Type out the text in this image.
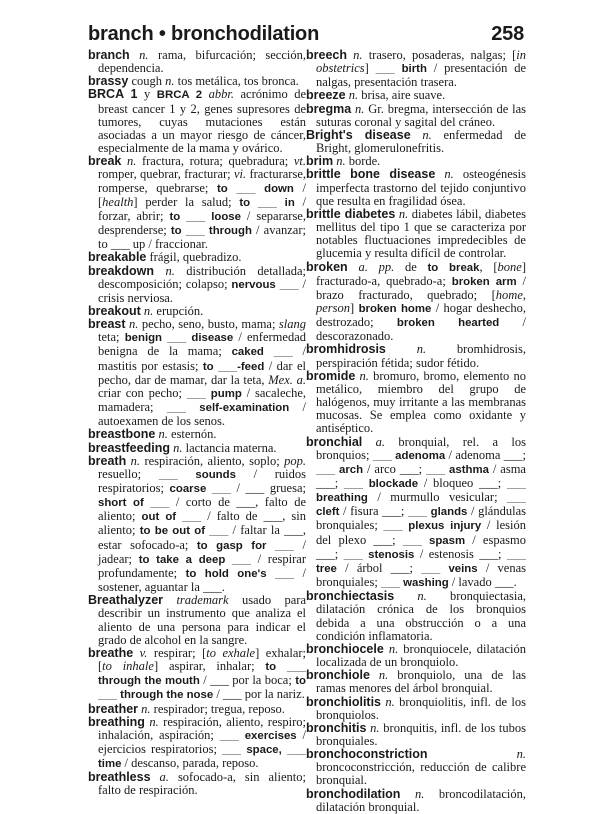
branch • bronchodilation	258

branch n. rama, bifurcación; sección, dependencia.

brassy cough n. tos metálica, tos bronca.

BRCA 1 y BRCA 2 abbr. acrónimo de breast cancer 1 y 2, genes supresores de tumores, cuyas mutaciones están asociadas a un mayor riesgo de cáncer, especialmente de la mama y ovárico.

break n. fractura, rotura; quebradura; vt. romper, quebrar, fracturar; vi. fracturarse, romperse, quebrarse; to ___ down / [health] perder la salud; to ___ in / forzar, abrir; to ___ loose / separarse, desprenderse; to ___ through / avanzar; to ___ up / fraccionar.

breakable frágil, quebradizo.

breakdown n. distribución detallada; descomposición; colapso; nervous ___ / crisis nerviosa.

breakout n. erupción.

breast n. pecho, seno, busto, mama; slang teta; benign ___ disease / enfermedad benigna de la mama; caked ___ / mastitis por estasis; to ___-feed / dar el pecho, dar de mamar, dar la teta, Mex. a. criar con pecho; ___ pump / sacaleche, mamadera; ___ self-examination / autoexamen de los senos.

breastbone n. esternón.

breastfeeding n. lactancia materna.

breath n. respiración, aliento, soplo; pop. resuello; ___ sounds / ruidos respiratorios; coarse ___ / ___ gruesa; short of ___ / corto de ___, falto de aliento; out of ___ / falto de ___, sin aliento; to be out of ___ / faltar la ___, estar sofocado-a; to gasp for ___ / jadear; to take a deep ___ / respirar profundamente; to hold one's ___ / sostener, aguantar la ___.

Breathalyzer trademark usado para describir un instrumento que analiza el aliento de una persona para indicar el grado de alcohol en la sangre.

breathe v. respirar; [to exhale] exhalar; [to inhale] aspirar, inhalar; to ___ through the mouth / ___ por la boca; to ___ through the nose / ___ por la nariz.

breather n. respirador; tregua, reposo.

breathing n. respiración, aliento, respiro; inhalación, aspiración; ___ exercises / ejercicios respiratorios; ___ space, ___ time / descanso, parada, reposo.

breathless a. sofocado-a, sin aliento; falto de respiración.

breech n. trasero, posaderas, nalgas; [in obstetrics] ___ birth / presentación de nalgas, presentación trasera.

breeze n. brisa, aire suave.

bregma n. Gr. bregma, intersección de las suturas coronal y sagital del cráneo.

Bright's disease n. enfermedad de Bright, glomerulonefritis.

brim n. borde.

brittle bone disease n. osteogénesis imperfecta trastorno del tejido conjuntivo que resulta en fragilidad ósea.

brittle diabetes n. diabetes lábil, diabetes mellitus del tipo 1 que se caracteriza por notables fluctuaciones impredecibles de glucemia y resulta difícil de controlar.

broken a. pp. de to break, [bone] fracturado-a, quebrado-a; broken arm / brazo fracturado, quebrado; [home, person] broken home / hogar deshecho, destrozado; broken hearted / descorazonado.

bromhidrosis n. bromhidrosis, perspiración fétida; sudor fétido.

bromide n. bromuro, bromo, elemento no metálico, miembro del grupo de halógenos, muy irritante a las membranas mucosas. Se emplea como oxidante y antiséptico.

bronchial a. bronquial, rel. a los bronquios; ___ adenoma / adenoma ___; ___ arch / arco ___; ___ asthma / asma ___; ___ blockade / bloqueo ___; ___ breathing / murmullo vesicular; ___ cleft / fisura ___; ___ glands / glándulas bronquiales; ___ plexus injury / lesión del plexo ___; ___ spasm / espasmo ___; ___ stenosis / estenosis ___; ___ tree / árbol ___; ___ veins / venas bronquiales; ___ washing / lavado ___.

bronchiectasis n. bronquiectasia, dilatación crónica de los bronquios debida a una obstrucción o a una condición inflamatoria.

bronchiocele n. bronquiocele, dilatación localizada de un bronquiolo.

bronchiole n. bronquiolo, una de las ramas menores del árbol bronquial.

bronchiolitis n. bronquiolitis, infl. de los bronquiolos.

bronchitis n. bronquitis, infl. de los tubos bronquiales.

bronchoconstriction n. broncoconstricción, reducción de calibre bronquial.

bronchodilation n. broncodilatación, dilatación bronquial.
